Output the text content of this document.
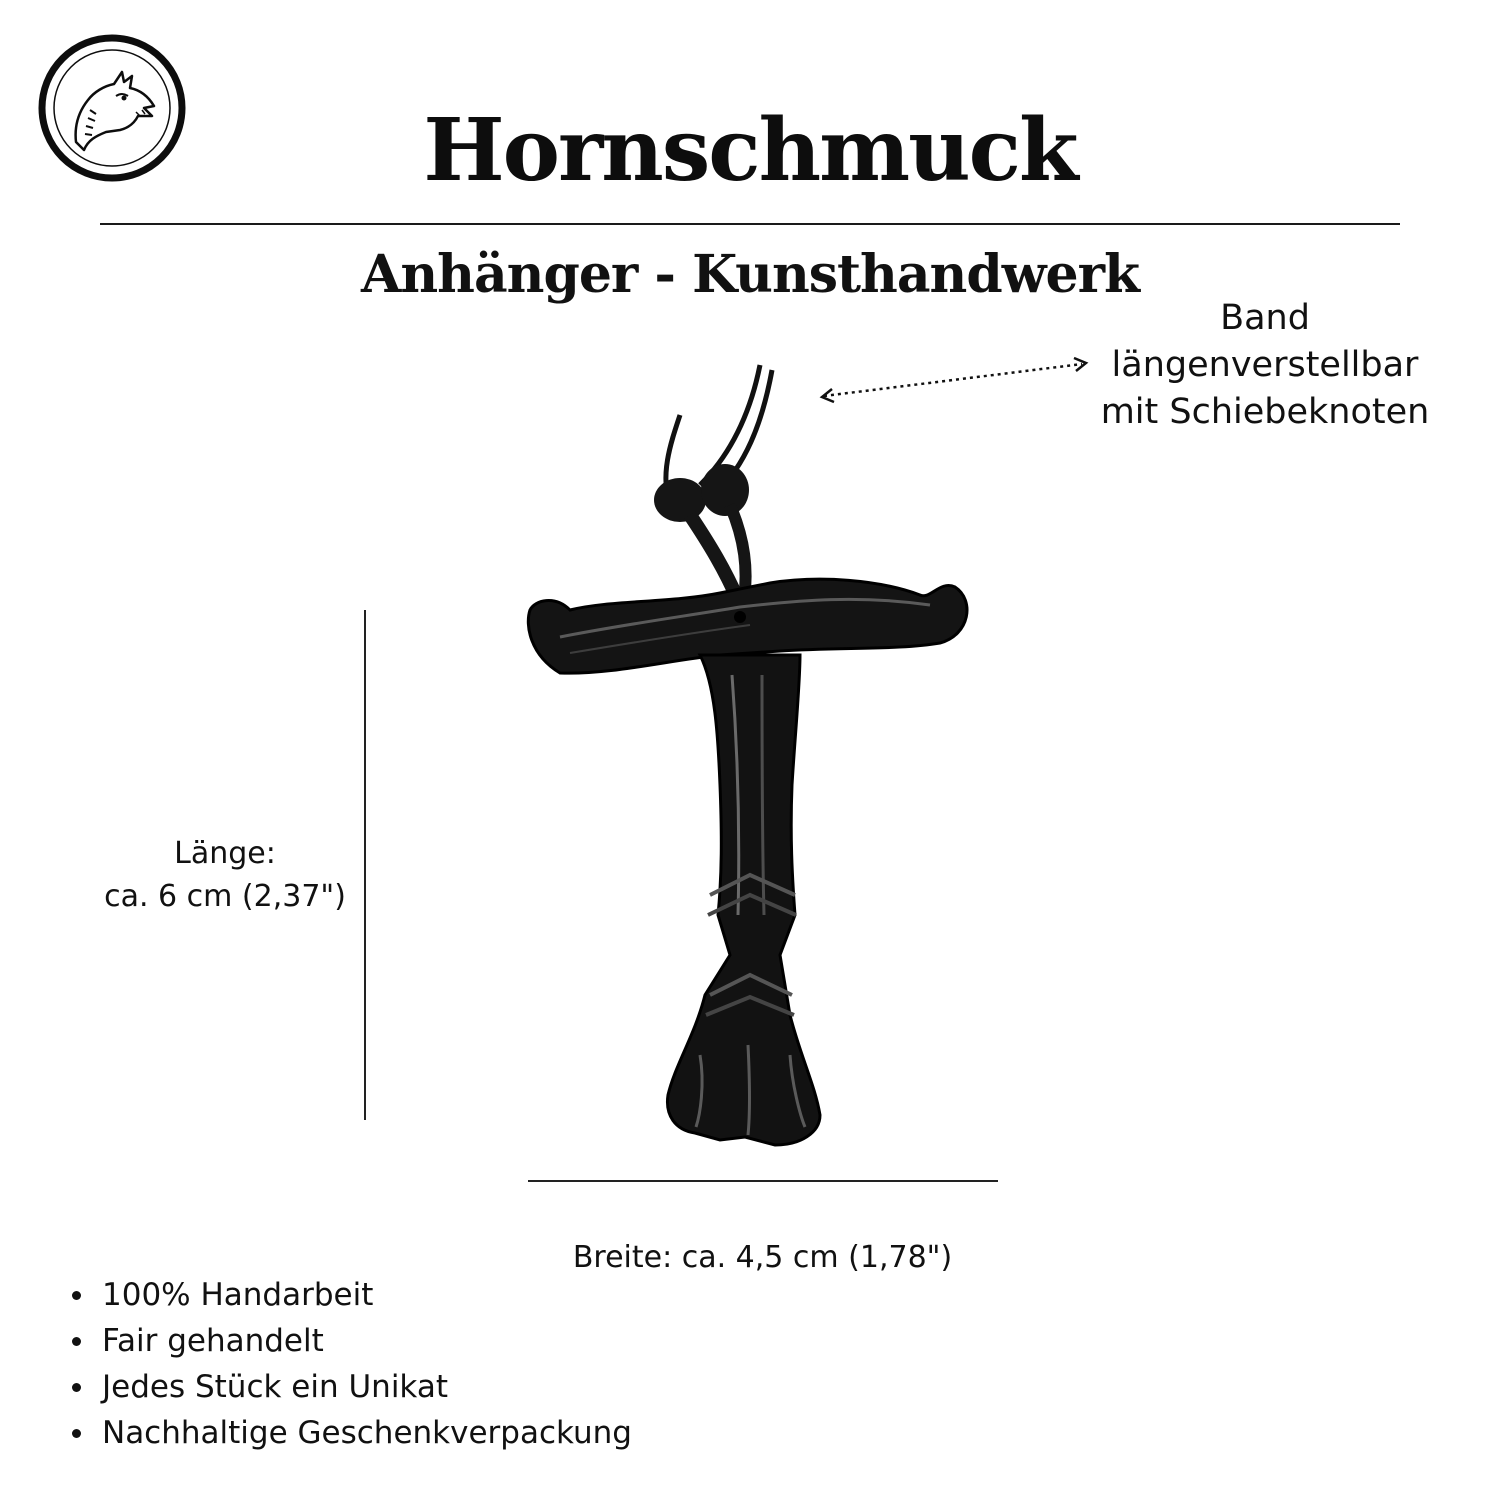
Hornschmuck
Anhänger - Kunsthandwerk
Band
längenverstellbar
mit Schiebeknoten
Länge:
ca. 6 cm (2,37")
Breite: ca. 4,5 cm (1,78")
100% Handarbeit
Fair gehandelt
Jedes Stück ein Unikat
Nachhaltige Geschenkverpackung
